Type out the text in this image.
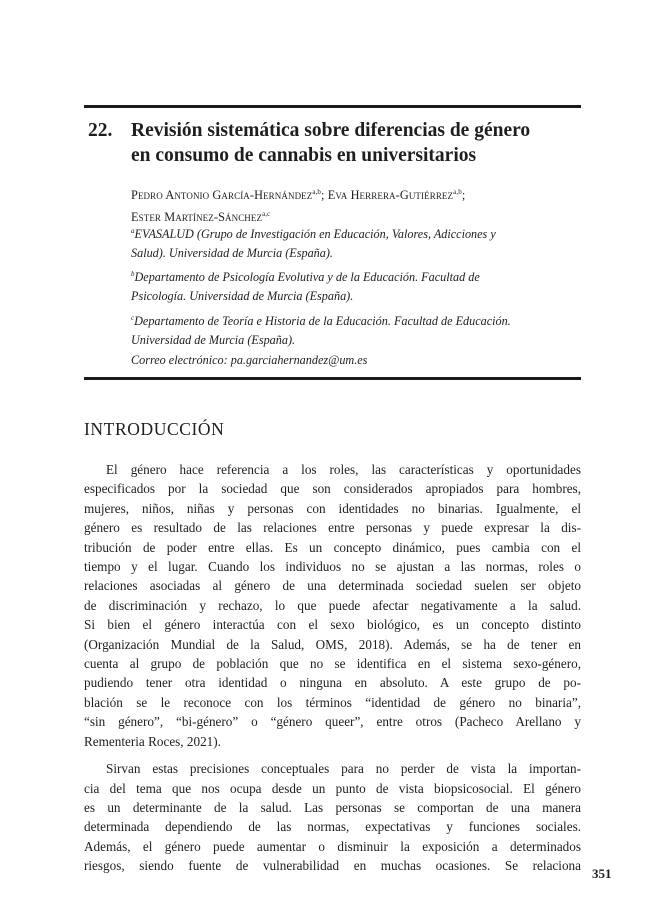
22. Revisión sistemática sobre diferencias de género
en consumo de cannabis en universitarios
Pedro Antonio García-Hernández$^{a,b}$; Eva Herrera-Gutiérrez$^{a,b}$;
Ester Martínez-Sánchez$^{a,c}$
$^a$EVASALUD (Grupo de Investigación en Educación, Valores, Adicciones y
Salud). Universidad de Murcia (España).
$^b$Departamento de Psicología Evolutiva y de la Educación. Facultad de
Psicología. Universidad de Murcia (España).
$^c$Departamento de Teoría e Historia de la Educación. Facultad de Educación.
Universidad de Murcia (España).
Correo electrónico: pa.garciahernandez@um.es
INTRODUCCIÓN

El género hace referencia a los roles, las características y oportunidades
especificados por la sociedad que son considerados apropiados para hombres,
mujeres, niños, niñas y personas con identidades no binarias. Igualmente, el
género es resultado de las relaciones entre personas y puede expresar la dis-
tribución de poder entre ellas. Es un concepto dinámico, pues cambia con el
tiempo y el lugar. Cuando los individuos no se ajustan a las normas, roles o
relaciones asociadas al género de una determinada sociedad suelen ser objeto
de discriminación y rechazo, lo que puede afectar negativamente a la salud.
Si bien el género interactúa con el sexo biológico, es un concepto distinto
(Organización Mundial de la Salud, OMS, 2018). Además, se ha de tener en
cuenta al grupo de población que no se identifica en el sistema sexo-género,
pudiendo tener otra identidad o ninguna en absoluto. A este grupo de po-
blación se le reconoce con los términos “identidad de género no binaria”,
“sin género”, “bi-género” o “género queer”, entre otros (Pacheco Arellano y
Rementeria Roces, 2021).

Sirvan estas precisiones conceptuales para no perder de vista la importan-
cia del tema que nos ocupa desde un punto de vista biopsicosocial. El género
es un determinante de la salud. Las personas se comportan de una manera
determinada dependiendo de las normas, expectativas y funciones sociales.
Además, el género puede aumentar o disminuir la exposición a determinados
riesgos, siendo fuente de vulnerabilidad en muchas ocasiones. Se relaciona

351
